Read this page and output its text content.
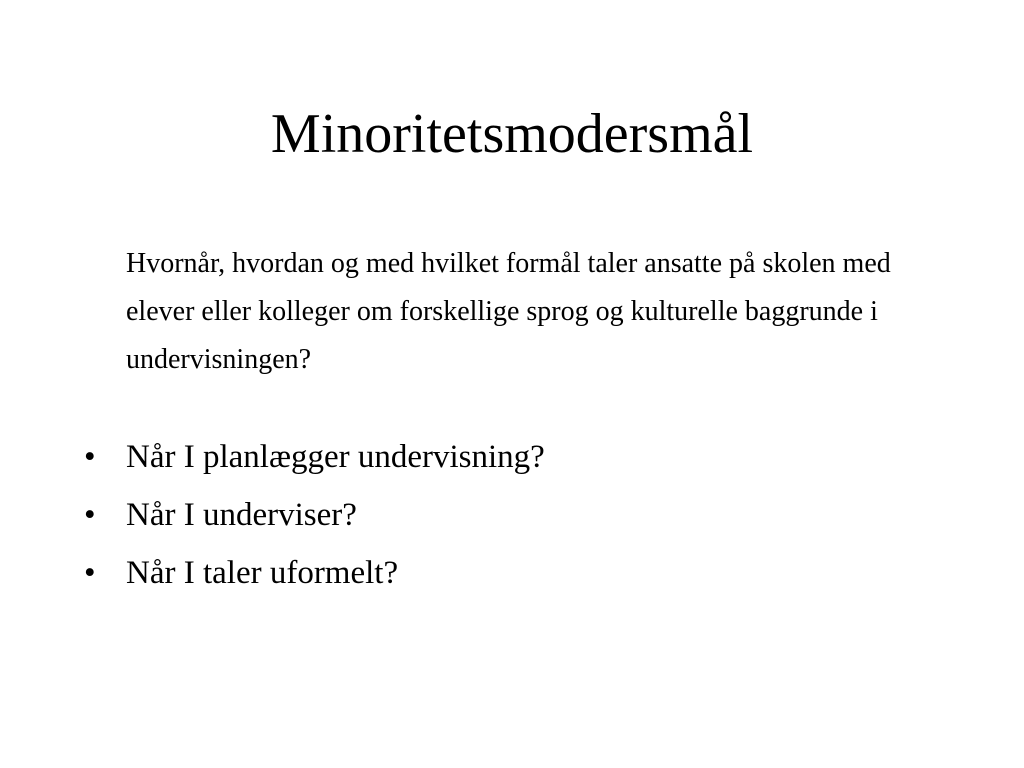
Minoritetsmodersmål

Hvornår, hvordan og med hvilket formål taler ansatte på skolen med elever eller kolleger om forskellige sprog og kulturelle baggrunde i undervisningen?

• Når I planlægger undervisning?
• Når I underviser?
• Når I taler uformelt?
